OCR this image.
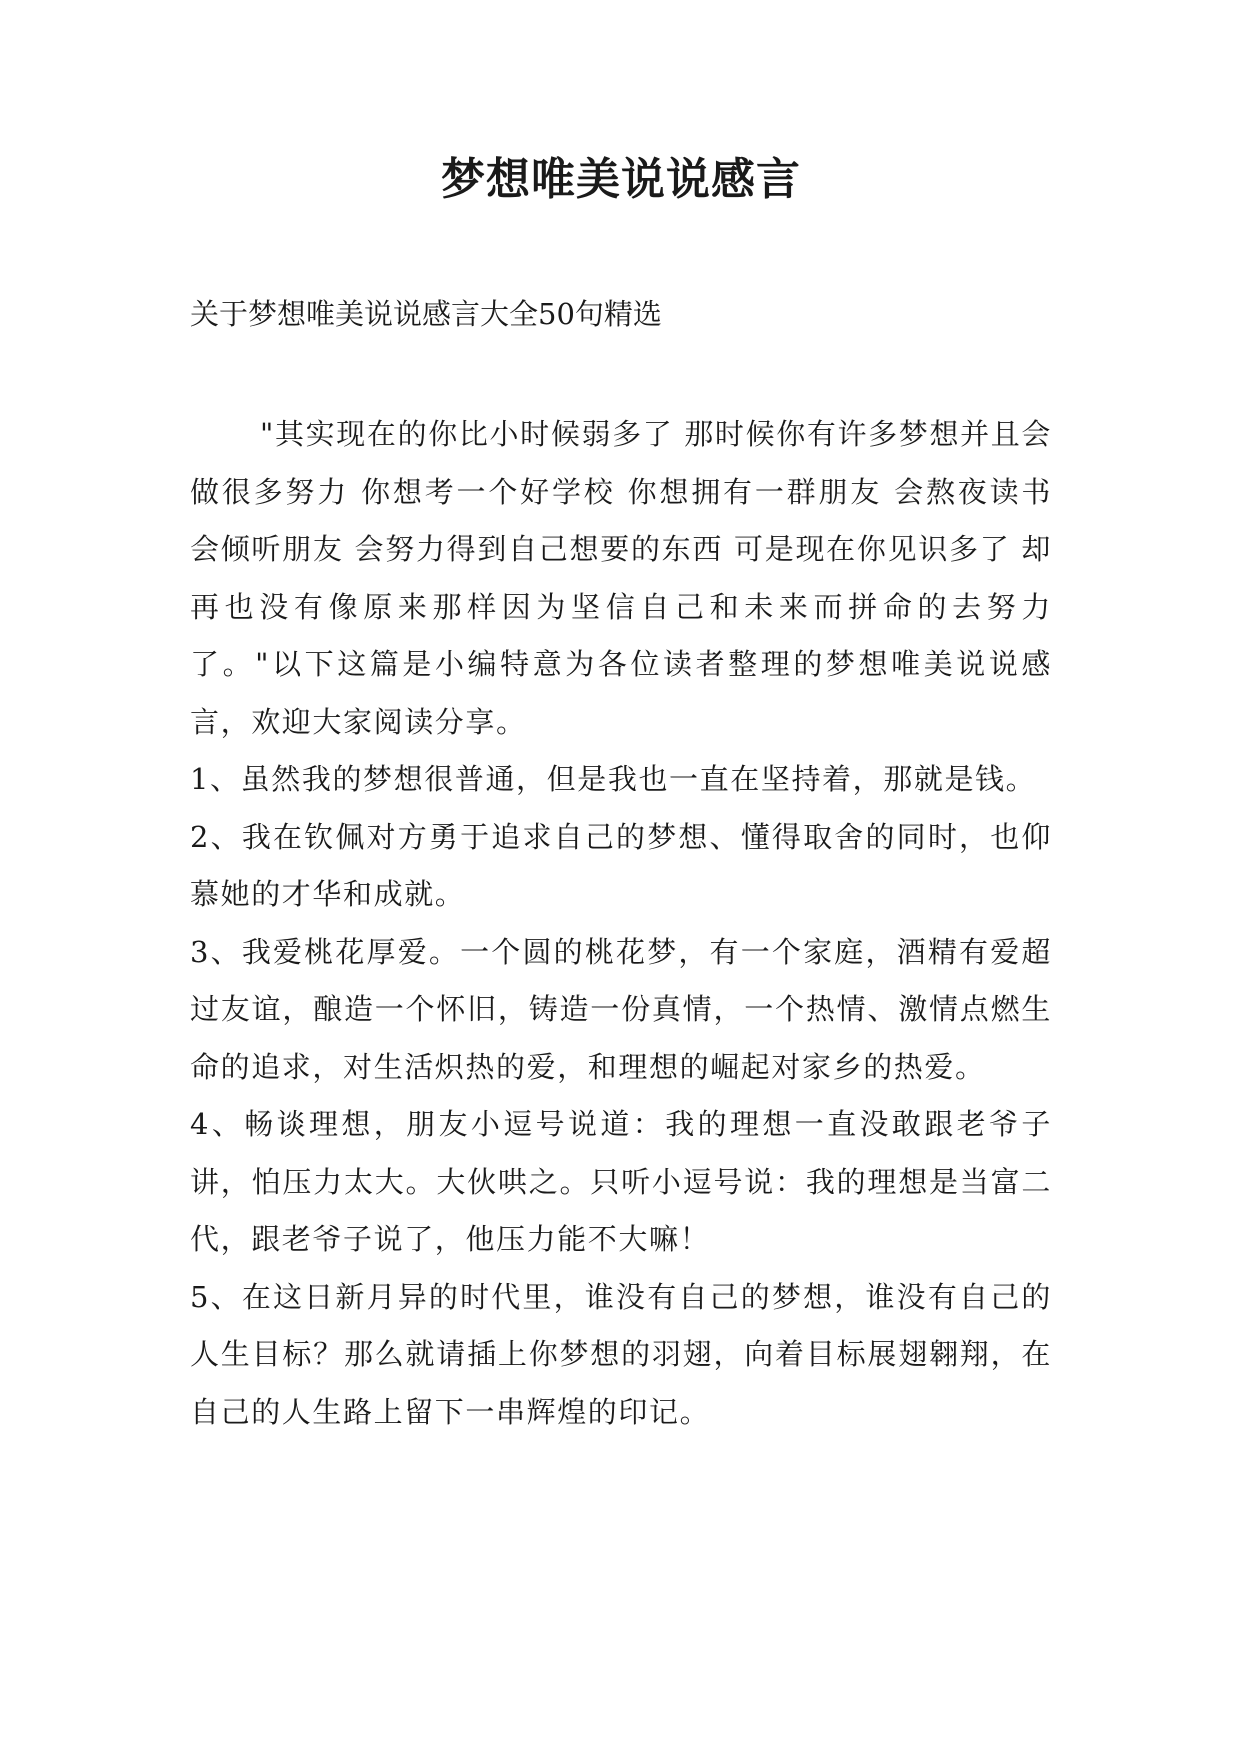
梦想唯美说说感言
关于梦想唯美说说感言大全50句精选

"其实现在的你比小时候弱多了 那时候你有许多梦想并且会做很多努力 你想考一个好学校 你想拥有一群朋友 会熬夜读书 会倾听朋友 会努力得到自己想要的东西 可是现在你见识多了 却再也没有像原来那样因为坚信自己和未来而拼命的去努力了。"以下这篇是小编特意为各位读者整理的梦想唯美说说感言，欢迎大家阅读分享。

1、虽然我的梦想很普通，但是我也一直在坚持着，那就是钱。

2、我在钦佩对方勇于追求自己的梦想、懂得取舍的同时，也仰慕她的才华和成就。

3、我爱桃花厚爱。一个圆的桃花梦，有一个家庭，酒精有爱超过友谊，酿造一个怀旧，铸造一份真情，一个热情、激情点燃生命的追求，对生活炽热的爱，和理想的崛起对家乡的热爱。

4、畅谈理想，朋友小逗号说道：我的理想一直没敢跟老爷子讲，怕压力太大。大伙哄之。只听小逗号说：我的理想是当富二代，跟老爷子说了，他压力能不大嘛！

5、在这日新月异的时代里，谁没有自己的梦想，谁没有自己的人生目标？那么就请插上你梦想的羽翅，向着目标展翅翱翔，在自己的人生路上留下一串辉煌的印记。
